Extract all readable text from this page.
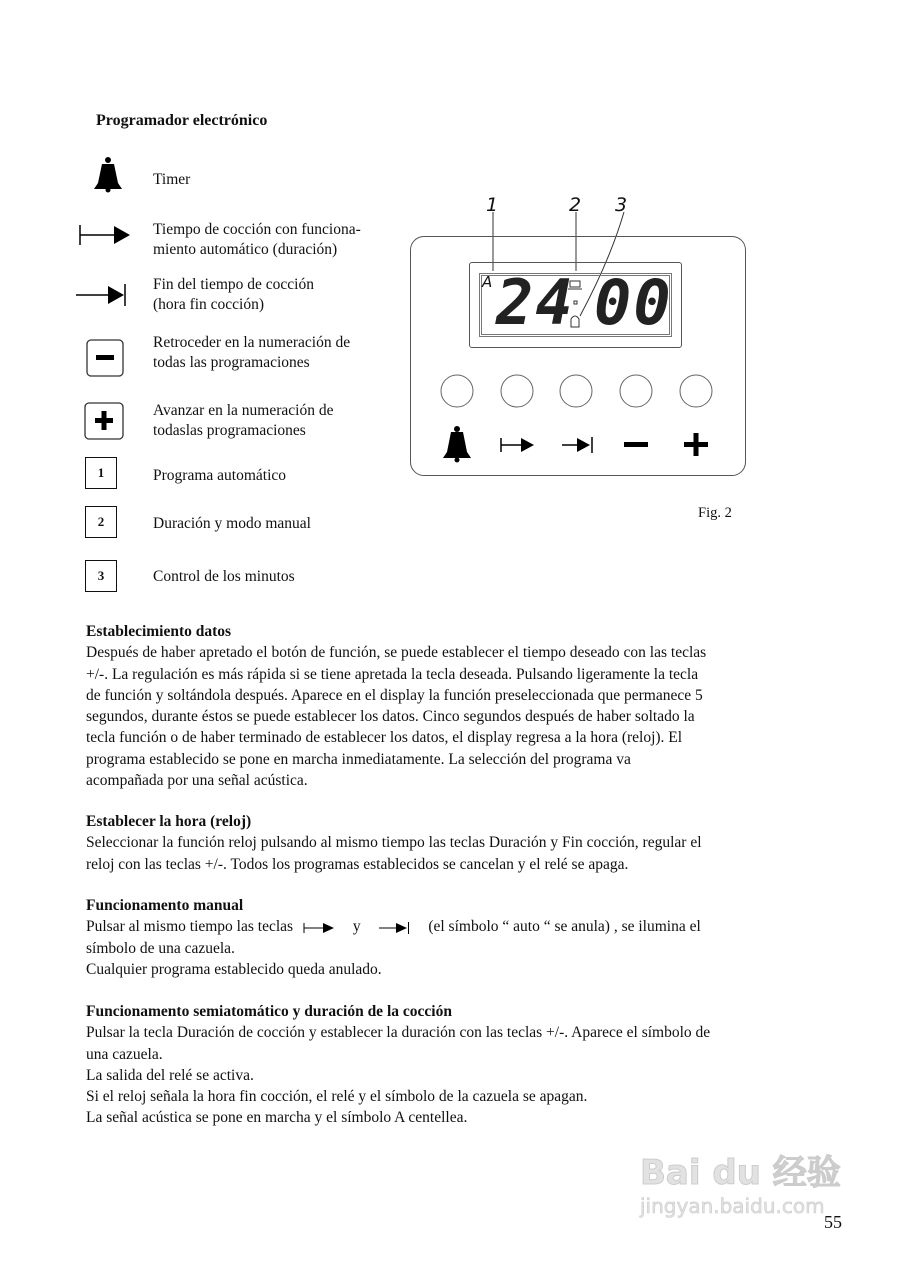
Programador electrónico
Timer
Tiempo de cocción con funciona-
miento automático (duración)
Fin del tiempo de cocción
(hora fin cocción)
Retroceder en la numeración de
todas las programaciones
Avanzar en la numeración de
todaslas programaciones
1	Programa automático
2	Duración y modo manual
3	Control de los minutos
1	2 3
A 24 00
Fig. 2
Establecimiento datos

Después de haber apretado el botón de función, se puede establecer el tiempo deseado con las teclas

+/-. La regulación es más rápida si se tiene apretada la tecla deseada. Pulsando ligeramente la tecla

de función y soltándola después. Aparece en el display la función preseleccionada que permanece 5

segundos, durante éstos se puede establecer los datos. Cinco segundos después de haber soltado la

tecla función o de haber terminado de establecer los datos, el display regresa a la hora (reloj). El

programa establecido se pone en marcha inmediatamente. La selección del programa va

acompañada por una señal acústica.

Establecer la hora (reloj)

Seleccionar la función reloj pulsando al mismo tiempo las teclas Duración y Fin cocción, regular el

reloj con las teclas +/-. Todos los programas establecidos se cancelan y el relé se apaga.

Funcionamento manual

Pulsar al mismo tiempo las teclas	y	(el símbolo “ auto “ se anula) , se ilumina el

símbolo de una cazuela.

Cualquier programa establecido queda anulado.

Funcionamento semiatomático y duración de la cocción

Pulsar la tecla Duración de cocción y establecer la duración con las teclas +/-. Aparece el símbolo de

una cazuela.

La salida del relé se activa.

Si el reloj señala la hora fin cocción, el relé y el símbolo de la cazuela se apagan.

La señal acústica se pone en marcha y el símbolo A centellea.

Bai du 经验
jingyan.baidu.com
55
